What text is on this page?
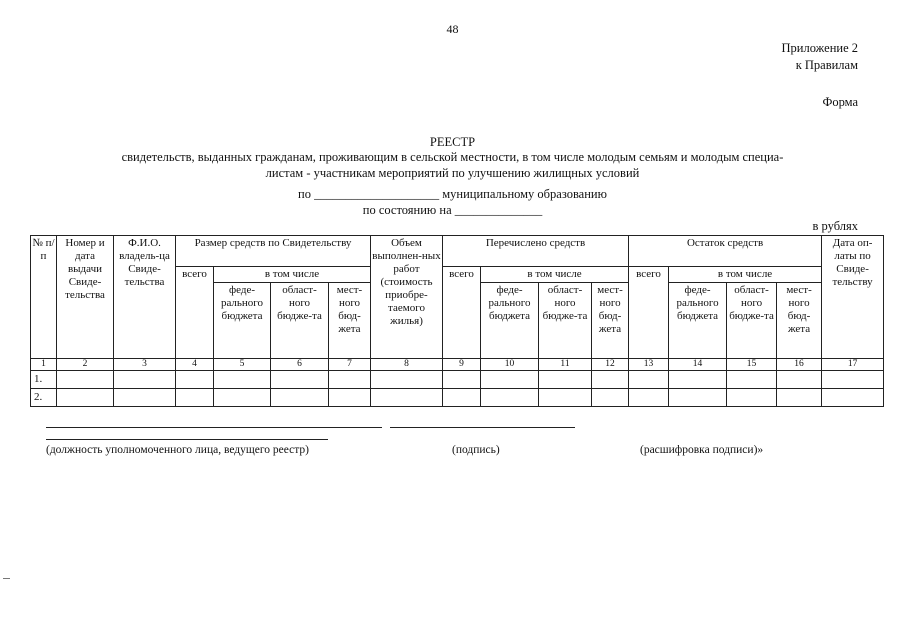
48
Приложение 2
к Правилам
Форма
РЕЕСТР
свидетельств, выданных гражданам, проживающим в сельской местности, в том числе молодым семьям и молодым специа-
листам - участникам мероприятий по улучшению жилищных условий
по ____________________ муниципальному образованию
по состоянию на ______________
в рублях
№ п/п	Номер и дата выдачи Свиде-тельства	Ф.И.О. владель-ца Свиде-тельства	Размер средств по Свидетельству				Объем выполнен-ных работ (стоимость приобре-таемого жилья)	Перечислено средств				Остаток средств				Дата оп-латы по Свиде-тельству
			всего	в том числе				всего	в том числе			всего	в том числе			
				феде-рального бюджета	област-ного бюдже-та	мест-ного бюд-жета			феде-рального бюджета	област-ного бюдже-та	мест-ного бюд-жета		феде-рального бюджета	област-ного бюдже-та	мест-ного бюд-жета	
1	2	3	4	5	6	7	8	9	10	11	12	13	14	15	16	17
1.																
2.																
(должность уполномоченного лица, ведущего реестр)	(подпись)	(расшифровка подписи)»
